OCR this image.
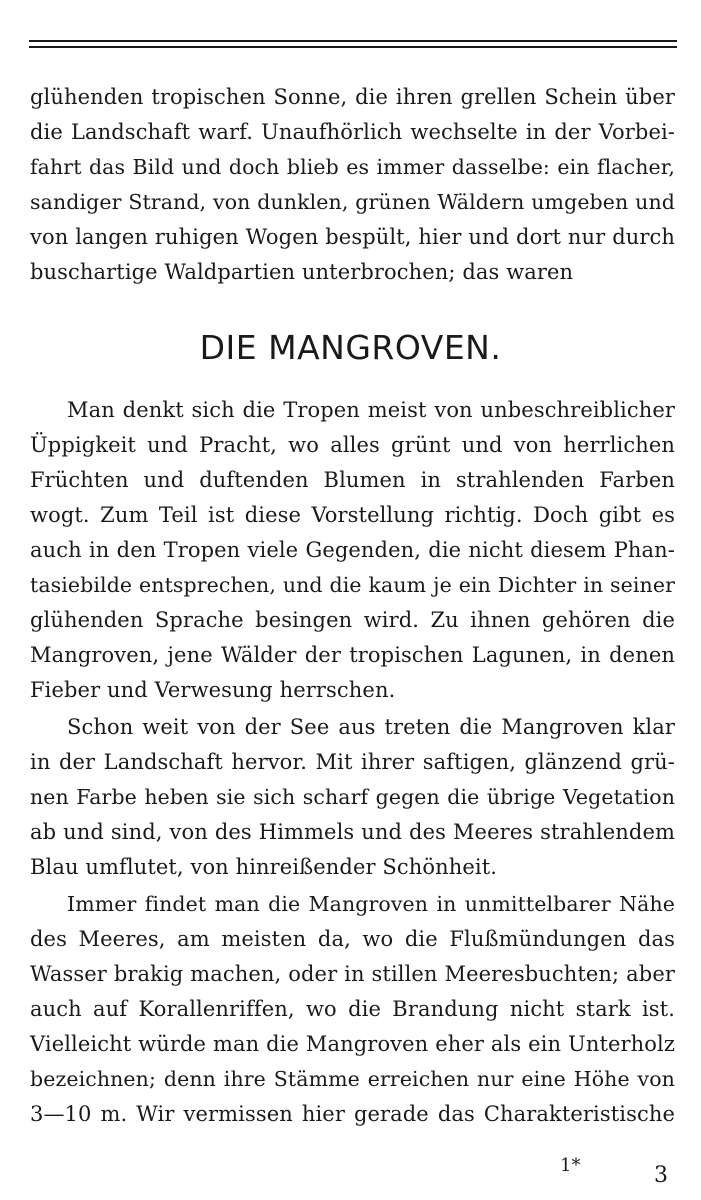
glühenden tropischen Sonne, die ihren grellen Schein über
die Landschaft warf. Unaufhörlich wechselte in der Vorbei-
fahrt das Bild und doch blieb es immer dasselbe: ein flacher,
sandiger Strand, von dunklen, grünen Wäldern umgeben und
von langen ruhigen Wogen bespült, hier und dort nur durch
buschartige Waldpartien unterbrochen; das waren
DIE MANGROVEN.
Man denkt sich die Tropen meist von unbeschreiblicher
Üppigkeit und Pracht, wo alles grünt und von herrlichen
Früchten und duftenden Blumen in strahlenden Farben
wogt. Zum Teil ist diese Vorstellung richtig. Doch gibt es
auch in den Tropen viele Gegenden, die nicht diesem Phan-
tasiebilde entsprechen, und die kaum je ein Dichter in seiner
glühenden Sprache besingen wird. Zu ihnen gehören die
Mangroven, jene Wälder der tropischen Lagunen, in denen
Fieber und Verwesung herrschen.
Schon weit von der See aus treten die Mangroven klar
in der Landschaft hervor. Mit ihrer saftigen, glänzend grü-
nen Farbe heben sie sich scharf gegen die übrige Vegetation
ab und sind, von des Himmels und des Meeres strahlendem
Blau umflutet, von hinreißender Schönheit.
Immer findet man die Mangroven in unmittelbarer Nähe
des Meeres, am meisten da, wo die Flußmündungen das
Wasser brakig machen, oder in stillen Meeresbuchten; aber
auch auf Korallenriffen, wo die Brandung nicht stark ist.
Vielleicht würde man die Mangroven eher als ein Unterholz
bezeichnen; denn ihre Stämme erreichen nur eine Höhe von
3—10 m. Wir vermissen hier gerade das Charakteristische
1*	3
